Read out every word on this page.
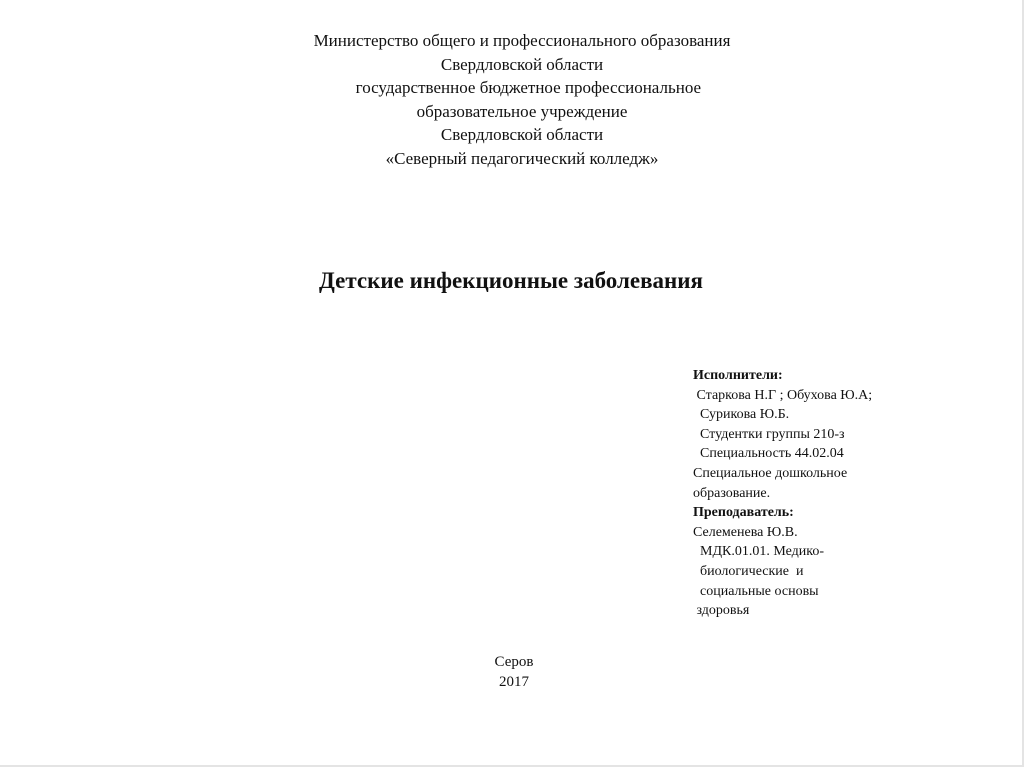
Министерство общего и профессионального образования
Свердловской области
государственное бюджетное профессиональное
образовательное учреждение
Свердловской области
«Северный педагогический колледж»
Детские инфекционные заболевания
Исполнители:
Старкова Н.Г ; Обухова Ю.А;
Сурикова Ю.Б.
Студентки группы 210-з
Специальность 44.02.04
Специальное дошкольное
образование.
Преподаватель:
Селеменева Ю.В.
МДК.01.01. Медико-
биологические  и
социальные основы
здоровья
Серов
2017
